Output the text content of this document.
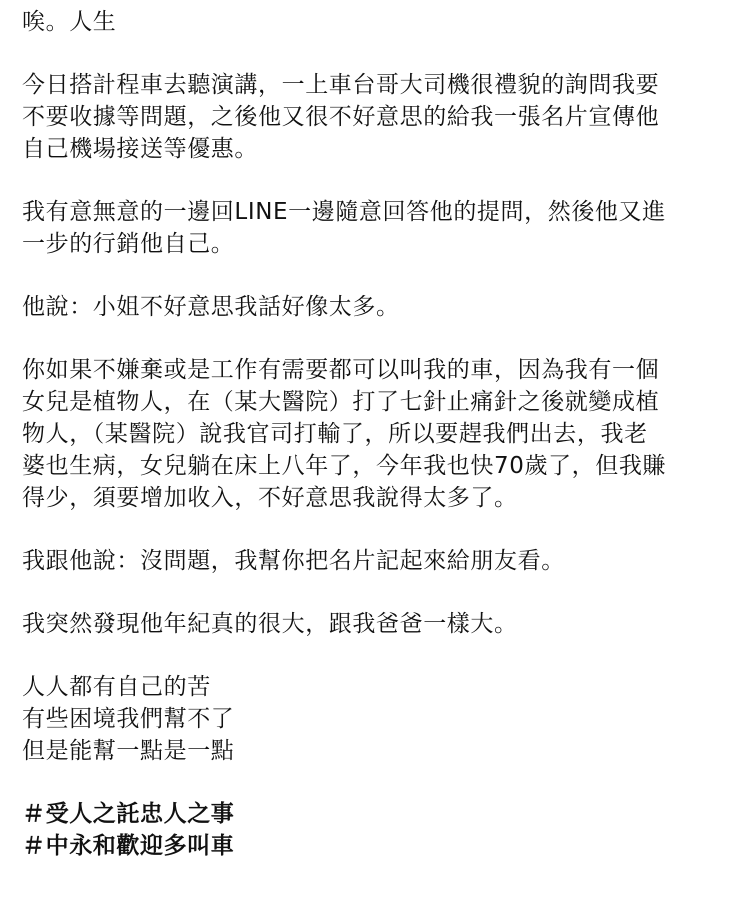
唉。人生
今日搭計程車去聽演講，一上車台哥大司機很禮貌的詢問我要
不要收據等問題，之後他又很不好意思的給我一張名片宣傳他
自己機場接送等優惠。
我有意無意的一邊回LINE一邊隨意回答他的提問，然後他又進
一步的行銷他自己。
他說：小姐不好意思我話好像太多。
你如果不嫌棄或是工作有需要都可以叫我的車，因為我有一個
女兒是植物人，在（某大醫院）打了七針止痛針之後就變成植
物人，（某醫院）說我官司打輸了，所以要趕我們出去，我老
婆也生病，女兒躺在床上八年了，今年我也快70歲了，但我賺
得少，須要增加收入，不好意思我說得太多了。
我跟他說：沒問題，我幫你把名片記起來給朋友看。
我突然發現他年紀真的很大，跟我爸爸一樣大。
人人都有自己的苦
有些困境我們幫不了
但是能幫一點是一點
＃受人之託忠人之事
＃中永和歡迎多叫車
